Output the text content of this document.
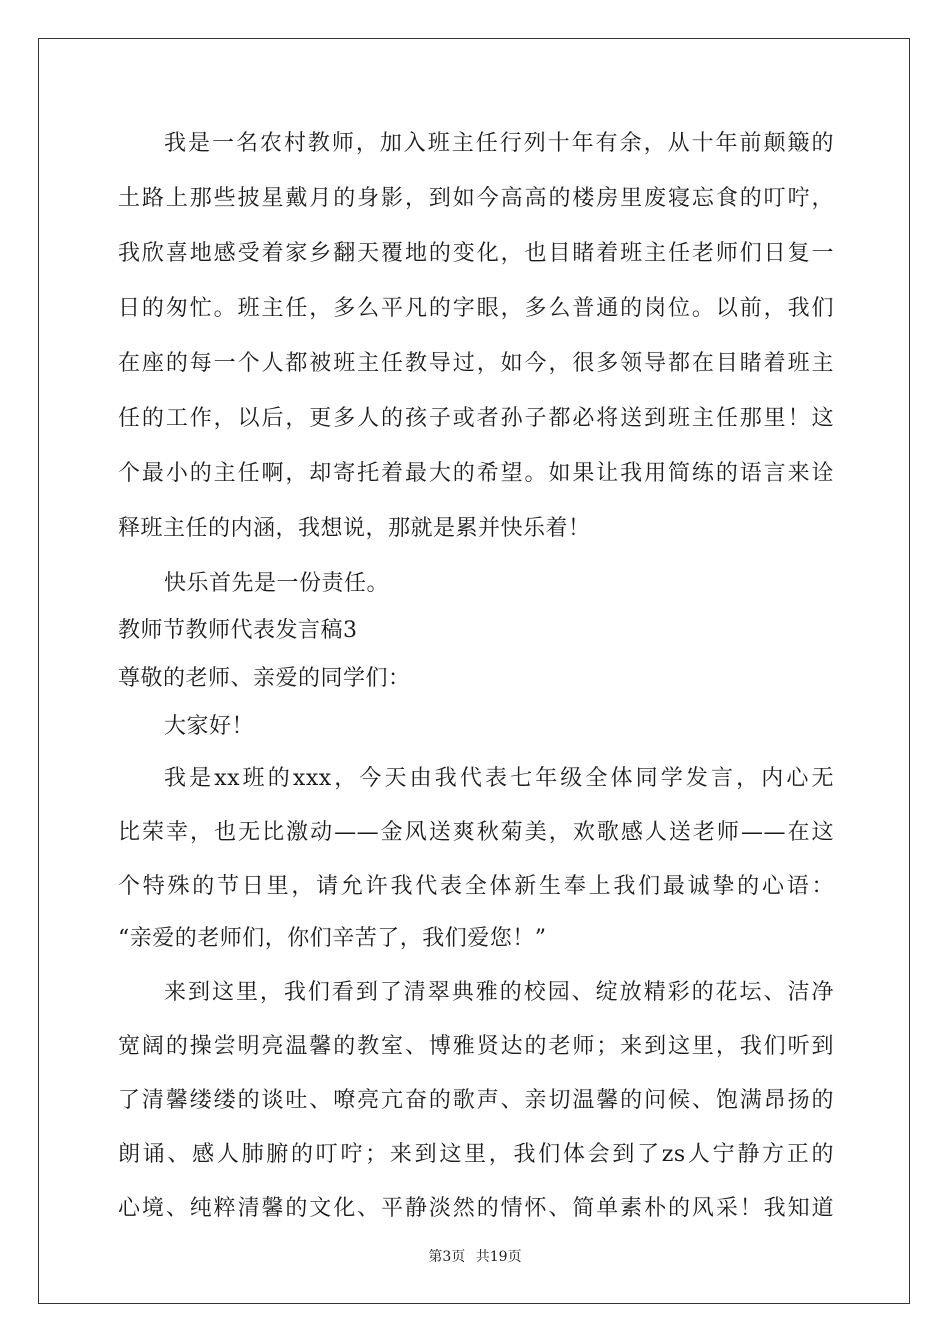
我是一名农村教师，加入班主任行列十年有余，从十年前颠簸的
土路上那些披星戴月的身影，到如今高高的楼房里废寝忘食的叮咛，
我欣喜地感受着家乡翻天覆地的变化，也目睹着班主任老师们日复一
日的匆忙。班主任，多么平凡的字眼，多么普通的岗位。以前，我们
在座的每一个人都被班主任教导过，如今，很多领导都在目睹着班主
任的工作，以后，更多人的孩子或者孙子都必将送到班主任那里！这
个最小的主任啊，却寄托着最大的希望。如果让我用简练的语言来诠
释班主任的内涵，我想说，那就是累并快乐着！
快乐首先是一份责任。
教师节教师代表发言稿3
尊敬的老师、亲爱的同学们：
大家好！
我是xx班的xxx，今天由我代表七年级全体同学发言，内心无
比荣幸，也无比激动——金风送爽秋菊美，欢歌感人送老师——在这
个特殊的节日里，请允许我代表全体新生奉上我们最诚挚的心语：
“亲爱的老师们，你们辛苦了，我们爱您！”
来到这里，我们看到了清翠典雅的校园、绽放精彩的花坛、洁净
宽阔的操尝明亮温馨的教室、博雅贤达的老师；来到这里，我们听到
了清馨缕缕的谈吐、嘹亮亢奋的歌声、亲切温馨的问候、饱满昂扬的
朗诵、感人肺腑的叮咛；来到这里，我们体会到了zs人宁静方正的
心境、纯粹清馨的文化、平静淡然的情怀、简单素朴的风采！我知道
第3页 共19页
